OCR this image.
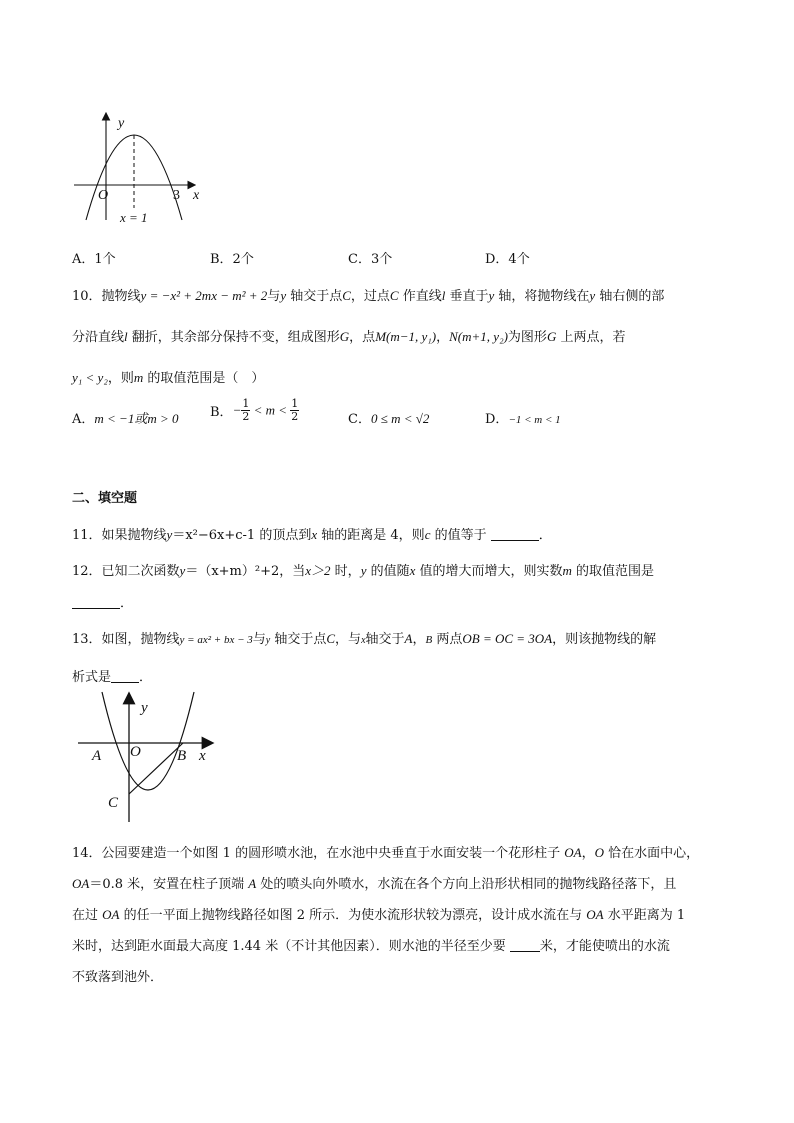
y
x
O	3
x = 1
A．1个	B．2个	C．3个	D．4个
10．抛物线y = −x² + 2mx − m² + 2与y 轴交于点C，过点C 作直线l 垂直于y 轴，将抛物线在y 轴右侧的部
分沿直线l 翻折，其余部分保持不变，组成图形G，点M(m−1, y₁)，N(m+1, y₂)为图形G 上两点，若
y₁ < y₂，则m 的取值范围是（　）
A．m < −1或m > 0 B．− $\frac{1}{2} < m < \frac{1}{2}$	C．0 ≤ m < √2	D．−1 < m < 1
二、填空题
11．如果抛物线y＝x²−6x+c-1 的顶点到x 轴的距离是 4，则c 的值等于	．
12．已知二次函数y＝（x+m）²+2，当x＞2 时，y 的值随x 值的增大而增大，则实数m 的取值范围是
．
13．如图，抛物线y = ax² + bx − 3与y 轴交于点C，与x轴交于A，B 两点OB = OC = 3OA，则该抛物线的解
析式是 ．
y
x
A O B
C
14．公园要建造一个如图 1 的圆形喷水池，在水池中央垂直于水面安装一个花形柱子 OA，O 恰在水面中心，
OA＝0.8 米，安置在柱子顶端 A 处的喷头向外喷水，水流在各个方向上沿形状相同的抛物线路径落下，且
在过 OA 的任一平面上抛物线路径如图 2 所示．为使水流形状较为漂亮，设计成水流在与 OA 水平距离为 1
米时，达到距水面最大高度 1.44 米（不计其他因素）．则水池的半径至少要 米，才能使喷出的水流
不致落到池外．
